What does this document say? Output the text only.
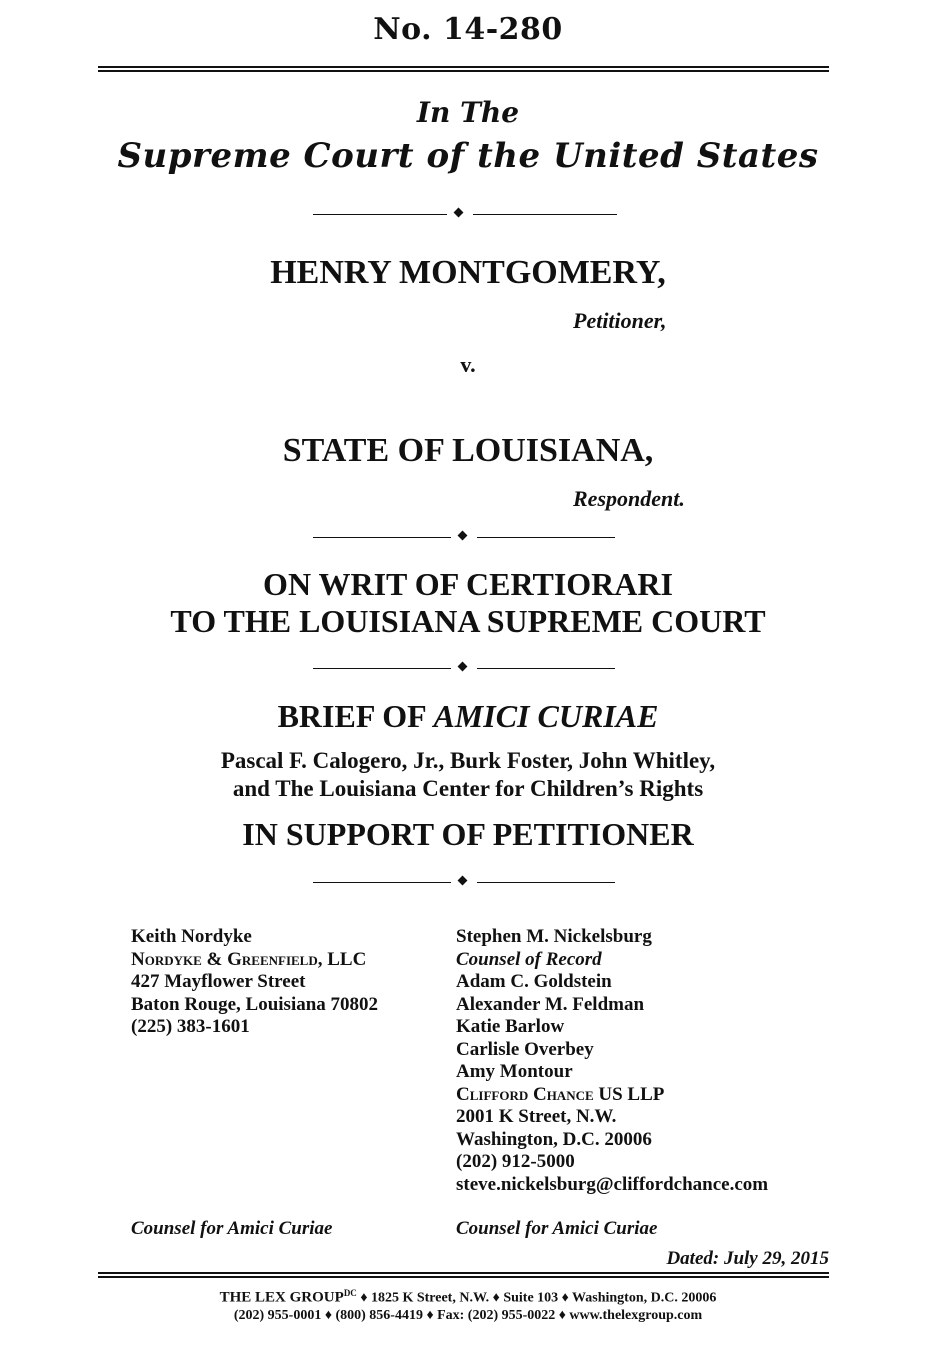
No. 14-280
In The
Supreme Court of the United States
HENRY MONTGOMERY,
Petitioner,
v.
STATE OF LOUISIANA,
Respondent.
ON WRIT OF CERTIORARI
TO THE LOUISIANA SUPREME COURT
BRIEF OF AMICI CURIAE
Pascal F. Calogero, Jr., Burk Foster, John Whitley,
and The Louisiana Center for Children’s Rights
IN SUPPORT OF PETITIONER
Keith Nordyke
Nordyke & Greenfield, LLC
427 Mayflower Street
Baton Rouge, Louisiana 70802
(225) 383-1601
Stephen M. Nickelsburg
Counsel of Record
Adam C. Goldstein
Alexander M. Feldman
Katie Barlow
Carlisle Overbey
Amy Montour
Clifford Chance US LLP
2001 K Street, N.W.
Washington, D.C. 20006
(202) 912-5000
steve.nickelsburg@cliffordchance.com
Counsel for Amici Curiae	Counsel for Amici Curiae
Dated: July 29, 2015
THE LEX $GROUP^{DC}$ ♦ 1825 K Street, N.W. ♦ Suite 103 ♦ Washington, D.C. 20006
(202) 955-0001 ♦ (800) 856-4419 ♦ Fax: (202) 955-0022 ♦ www.thelexgroup.com
